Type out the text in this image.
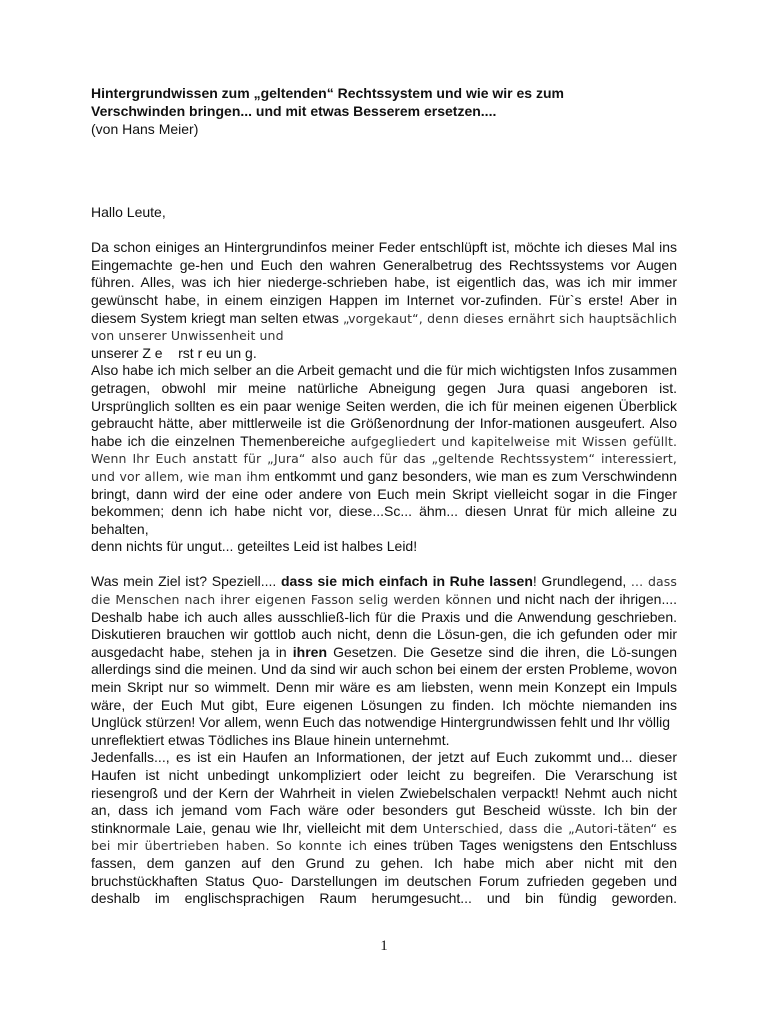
Hintergrundwissen zum „geltenden“ Rechtssystem und wie wir es zum
Verschwinden bringen... und mit etwas Besserem ersetzen....
(von Hans Meier)

Hallo Leute,

Da schon einiges an Hintergrundinfos meiner Feder entschlüpft ist, möchte ich dieses Mal ins Eingemachte ge-hen und Euch den wahren Generalbetrug des Rechtssystems vor Augen führen. Alles, was ich hier niederge-schrieben habe, ist eigentlich das, was ich mir immer gewünscht habe, in einem einzigen Happen im Internet vor-zufinden. Für`s erste! Aber in diesem System kriegt man selten etwas „vorgekaut“, denn dieses ernährt sich hauptsächlich von unserer Unwissenheit und
unserer Z e    rst r eu un g.

Also habe ich mich selber an die Arbeit gemacht und die für mich wichtigsten Infos zusammen getragen, obwohl mir meine natürliche Abneigung gegen Jura quasi angeboren ist. Ursprünglich sollten es ein paar wenige Seiten werden, die ich für meinen eigenen Überblick gebraucht hätte, aber mittlerweile ist die Größenordnung der Infor-mationen ausgeufert. Also habe ich die einzelnen Themenbereiche aufgegliedert und kapitelweise mit Wissen gefüllt. Wenn Ihr Euch anstatt für „Jura“ also auch für das „geltende Rechtssystem“ interessiert, und vor allem, wie man ihm entkommt und ganz besonders, wie man es zum Verschwindenn bringt, dann wird der eine oder andere von Euch mein Skript vielleicht sogar in die Finger bekommen; denn ich habe nicht vor, diese...Sc... ähm... diesen Unrat für mich alleine zu behalten,
denn nichts für ungut... geteiltes Leid ist halbes Leid!

Was mein Ziel ist? Speziell.... dass sie mich einfach in Ruhe lassen! Grundlegend, ... dass die Menschen nach ihrer eigenen Fasson selig werden können und nicht nach der ihrigen.... Deshalb habe ich auch alles ausschließ-lich für die Praxis und die Anwendung geschrieben. Diskutieren brauchen wir gottlob auch nicht, denn die Lösun-gen, die ich gefunden oder mir ausgedacht habe, stehen ja in ihren Gesetzen. Die Gesetze sind die ihren, die Lö-sungen allerdings sind die meinen. Und da sind wir auch schon bei einem der ersten Probleme, wovon mein Skript nur so wimmelt. Denn mir wäre es am liebsten, wenn mein Konzept ein Impuls wäre, der Euch Mut gibt, Eure eigenen Lösungen zu finden. Ich möchte niemanden ins Unglück stürzen! Vor allem, wenn Euch das notwendige Hintergrundwissen fehlt und Ihr völlig
unreflektiert etwas Tödliches ins Blaue hinein unternehmt.

Jedenfalls..., es ist ein Haufen an Informationen, der jetzt auf Euch zukommt und... dieser Haufen ist nicht unbedingt unkompliziert oder leicht zu begreifen. Die Verarschung ist riesengroß und der Kern der Wahrheit in vielen Zwiebelschalen verpackt! Nehmt auch nicht an, dass ich jemand vom Fach wäre oder besonders gut Bescheid wüsste. Ich bin der stinknormale Laie, genau wie Ihr, vielleicht mit dem Unterschied, dass die „Autori-täten“ es bei mir übertrieben haben. So konnte ich eines trüben Tages wenigstens den Entschluss fassen, dem ganzen auf den Grund zu gehen. Ich habe mich aber nicht mit den bruchstückhaften Status Quo- Darstellungen im deutschen Forum zufrieden gegeben und deshalb im englischsprachigen Raum herumgesucht... und bin fündig geworden.

1
